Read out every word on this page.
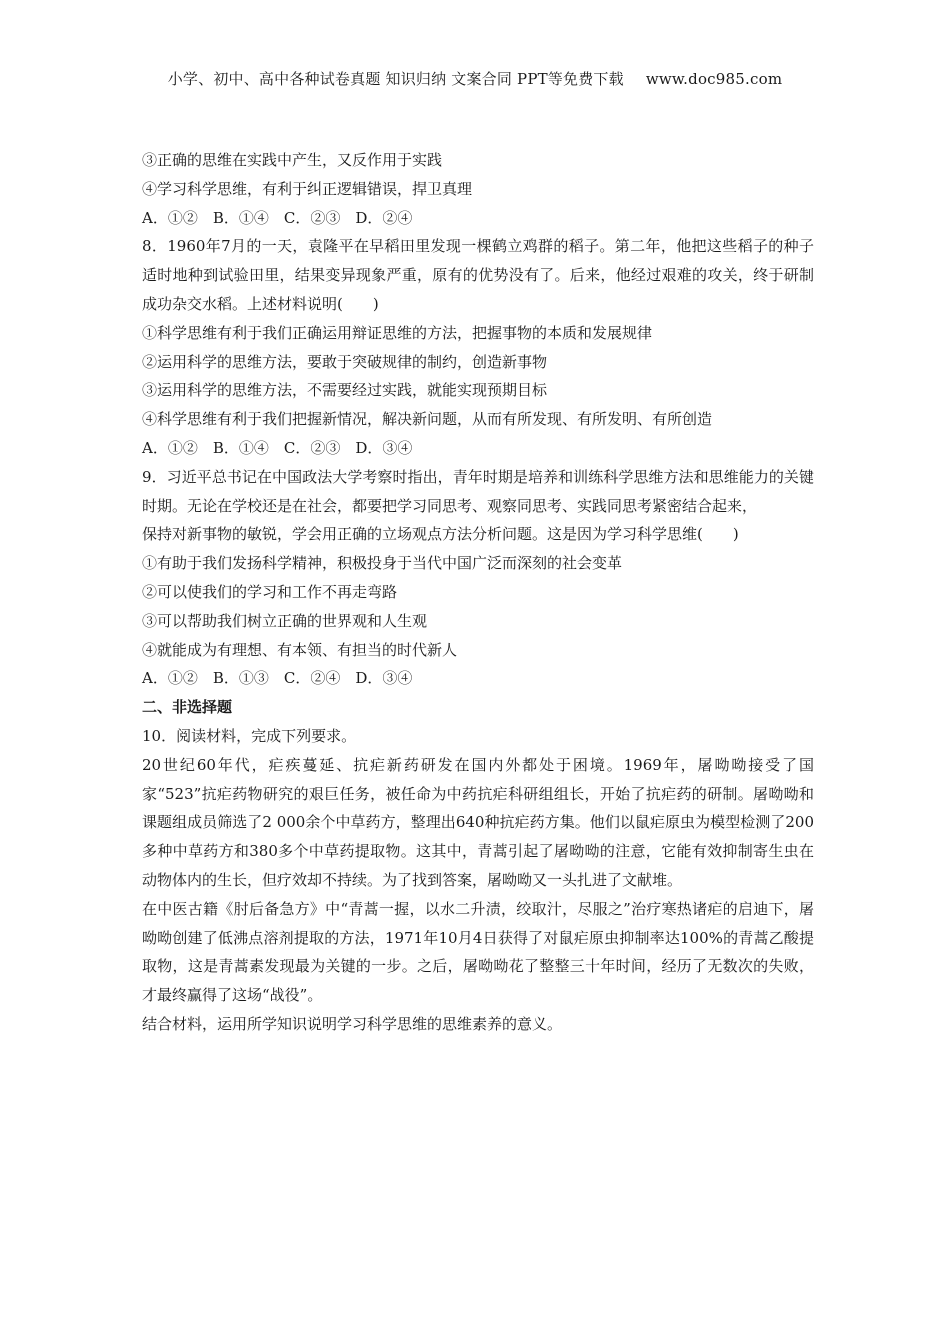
小学、初中、高中各种试卷真题 知识归纳 文案合同 PPT等免费下载 www.doc985.com
③正确的思维在实践中产生，又反作用于实践
④学习科学思维，有利于纠正逻辑错误，捍卫真理
A．①②　B．①④　C．②③　D．②④
8．1960年7月的一天，袁隆平在早稻田里发现一棵鹤立鸡群的稻子。第二年，他把这些稻子的种子适时地种到试验田里，结果变异现象严重，原有的优势没有了。后来，他经过艰难的攻关，终于研制成功杂交水稻。上述材料说明(　　)
①科学思维有利于我们正确运用辩证思维的方法，把握事物的本质和发展规律
②运用科学的思维方法，要敢于突破规律的制约，创造新事物
③运用科学的思维方法，不需要经过实践，就能实现预期目标
④科学思维有利于我们把握新情况，解决新问题，从而有所发现、有所发明、有所创造
A．①②　B．①④　C．②③　D．③④
9．习近平总书记在中国政法大学考察时指出，青年时期是培养和训练科学思维方法和思维能力的关键时期。无论在学校还是在社会，都要把学习同思考、观察同思考、实践同思考紧密结合起来，
保持对新事物的敏锐，学会用正确的立场观点方法分析问题。这是因为学习科学思维(　　)
①有助于我们发扬科学精神，积极投身于当代中国广泛而深刻的社会变革
②可以使我们的学习和工作不再走弯路
③可以帮助我们树立正确的世界观和人生观
④就能成为有理想、有本领、有担当的时代新人
A．①②　B．①③　C．②④　D．③④
二、非选择题
10．阅读材料，完成下列要求。
20世纪60年代，疟疾蔓延、抗疟新药研发在国内外都处于困境。1969年，屠呦呦接受了国家“523”抗疟药物研究的艰巨任务，被任命为中药抗疟科研组组长，开始了抗疟药的研制。屠呦呦和课题组成员筛选了2 000余个中草药方，整理出640种抗疟药方集。他们以鼠疟原虫为模型检测了200多种中草药方和380多个中草药提取物。这其中，青蒿引起了屠呦呦的注意，它能有效抑制寄生虫在动物体内的生长，但疗效却不持续。为了找到答案，屠呦呦又一头扎进了文献堆。
在中医古籍《肘后备急方》中“青蒿一握，以水二升渍，绞取汁，尽服之”治疗寒热诸疟的启迪下，屠呦呦创建了低沸点溶剂提取的方法，1971年10月4日获得了对鼠疟原虫抑制率达100%的青蒿乙酸提取物，这是青蒿素发现最为关键的一步。之后，屠呦呦花了整整三十年时间，经历了无数次的失败，才最终赢得了这场“战役”。
结合材料，运用所学知识说明学习科学思维的思维素养的意义。
